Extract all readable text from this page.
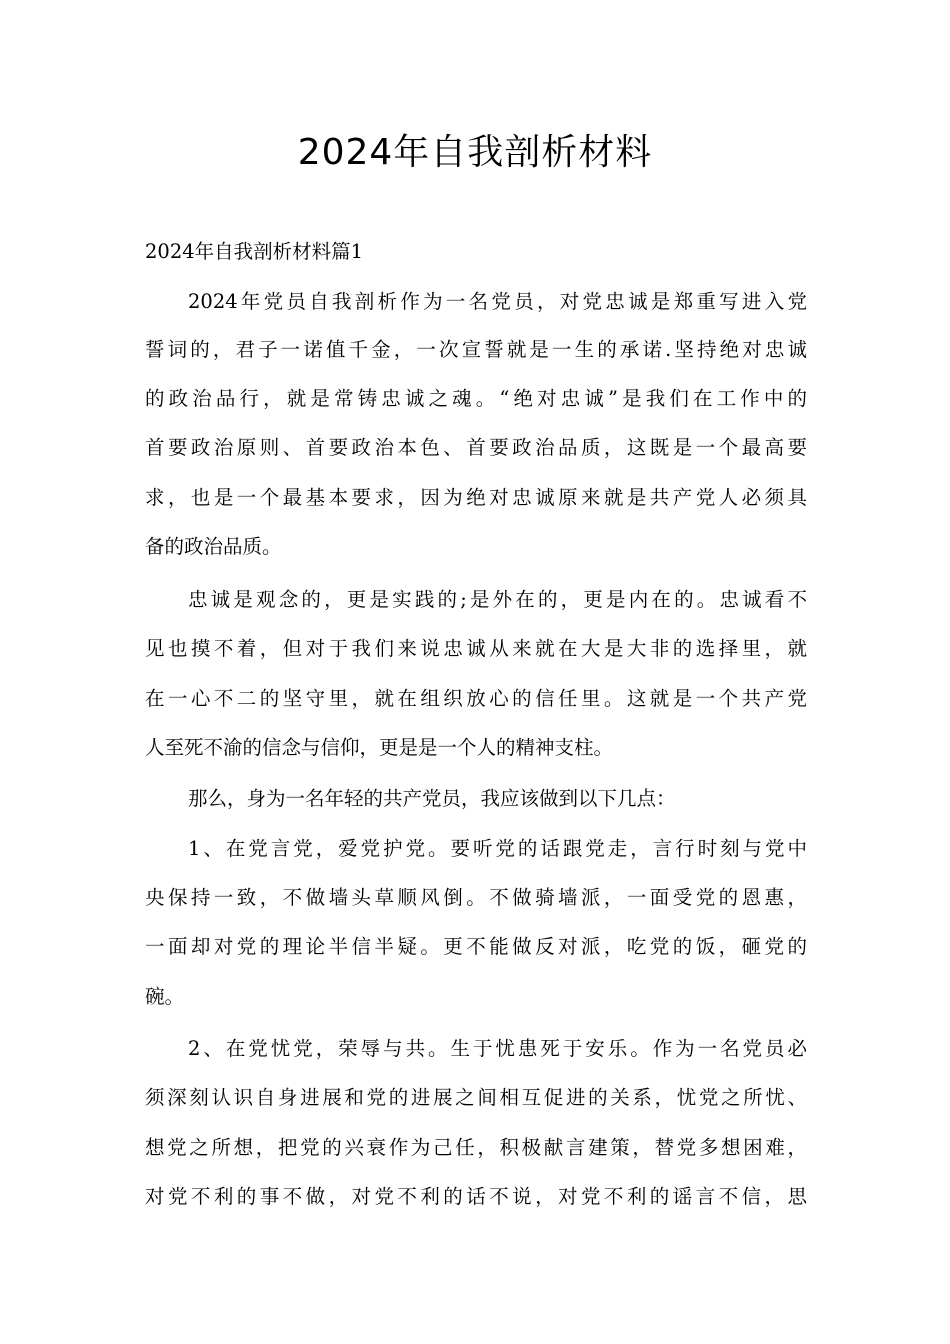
2024年自我剖析材料
2024年自我剖析材料篇1
2024年党员自我剖析作为一名党员，对党忠诚是郑重写进入党
誓词的，君子一诺值千金，一次宣誓就是一生的承诺.坚持绝对忠诚
的政治品行，就是常铸忠诚之魂。“绝对忠诚”是我们在工作中的
首要政治原则、首要政治本色、首要政治品质，这既是一个最高要
求，也是一个最基本要求，因为绝对忠诚原来就是共产党人必须具
备的政治品质。
忠诚是观念的，更是实践的;是外在的，更是内在的。忠诚看不
见也摸不着，但对于我们来说忠诚从来就在大是大非的选择里，就
在一心不二的坚守里，就在组织放心的信任里。这就是一个共产党
人至死不渝的信念与信仰，更是是一个人的精神支柱。
那么，身为一名年轻的共产党员，我应该做到以下几点：
1、在党言党，爱党护党。要听党的话跟党走，言行时刻与党中
央保持一致，不做墙头草顺风倒。不做骑墙派，一面受党的恩惠，
一面却对党的理论半信半疑。更不能做反对派，吃党的饭，砸党的
碗。
2、在党忧党，荣辱与共。生于忧患死于安乐。作为一名党员必
须深刻认识自身进展和党的进展之间相互促进的关系，忧党之所忧、
想党之所想，把党的兴衰作为己任，积极献言建策，替党多想困难，
对党不利的事不做，对党不利的话不说，对党不利的谣言不信，思
